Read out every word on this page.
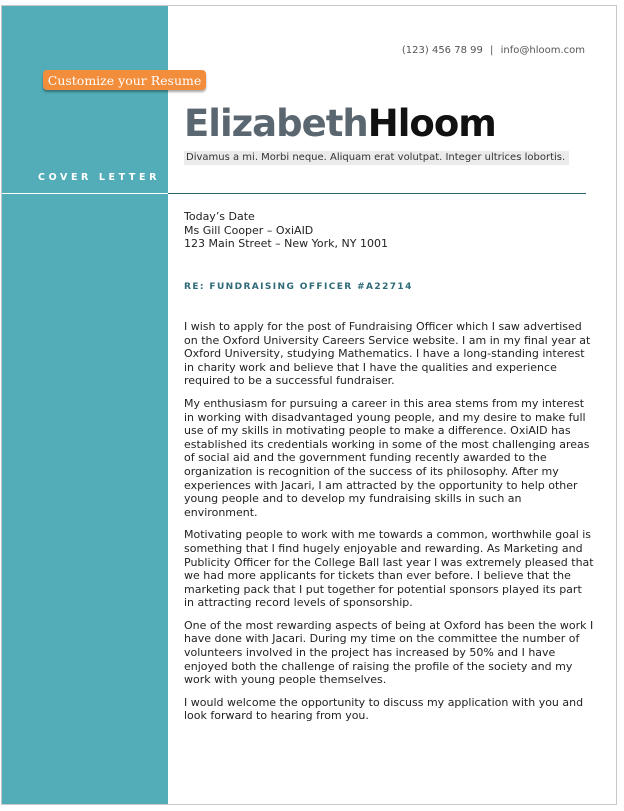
Customize your Resume
(123) 456 78 99 | info@hloom.com
ElizabethHloom
Divamus a mi. Morbi neque. Aliquam erat volutpat. Integer ultrices lobortis.
COVER LETTER
Today’s Date
Ms Gill Cooper – OxiAID
123 Main Street – New York, NY 1001
RE: FUNDRAISING OFFICER #A22714

I wish to apply for the post of Fundraising Officer which I saw advertised on the Oxford University Careers Service website. I am in my final year at Oxford University, studying Mathematics. I have a long-standing interest in charity work and believe that I have the qualities and experience required to be a successful fundraiser.

My enthusiasm for pursuing a career in this area stems from my interest in working with disadvantaged young people, and my desire to make full use of my skills in motivating people to make a difference. OxiAID has established its credentials working in some of the most challenging areas of social aid and the government funding recently awarded to the organization is recognition of the success of its philosophy. After my experiences with Jacari, I am attracted by the opportunity to help other young people and to develop my fundraising skills in such an environment.

Motivating people to work with me towards a common, worthwhile goal is something that I find hugely enjoyable and rewarding. As Marketing and Publicity Officer for the College Ball last year I was extremely pleased that we had more applicants for tickets than ever before. I believe that the marketing pack that I put together for potential sponsors played its part in attracting record levels of sponsorship.

One of the most rewarding aspects of being at Oxford has been the work I have done with Jacari. During my time on the committee the number of volunteers involved in the project has increased by 50% and I have enjoyed both the challenge of raising the profile of the society and my work with young people themselves.

I would welcome the opportunity to discuss my application with you and look forward to hearing from you.
